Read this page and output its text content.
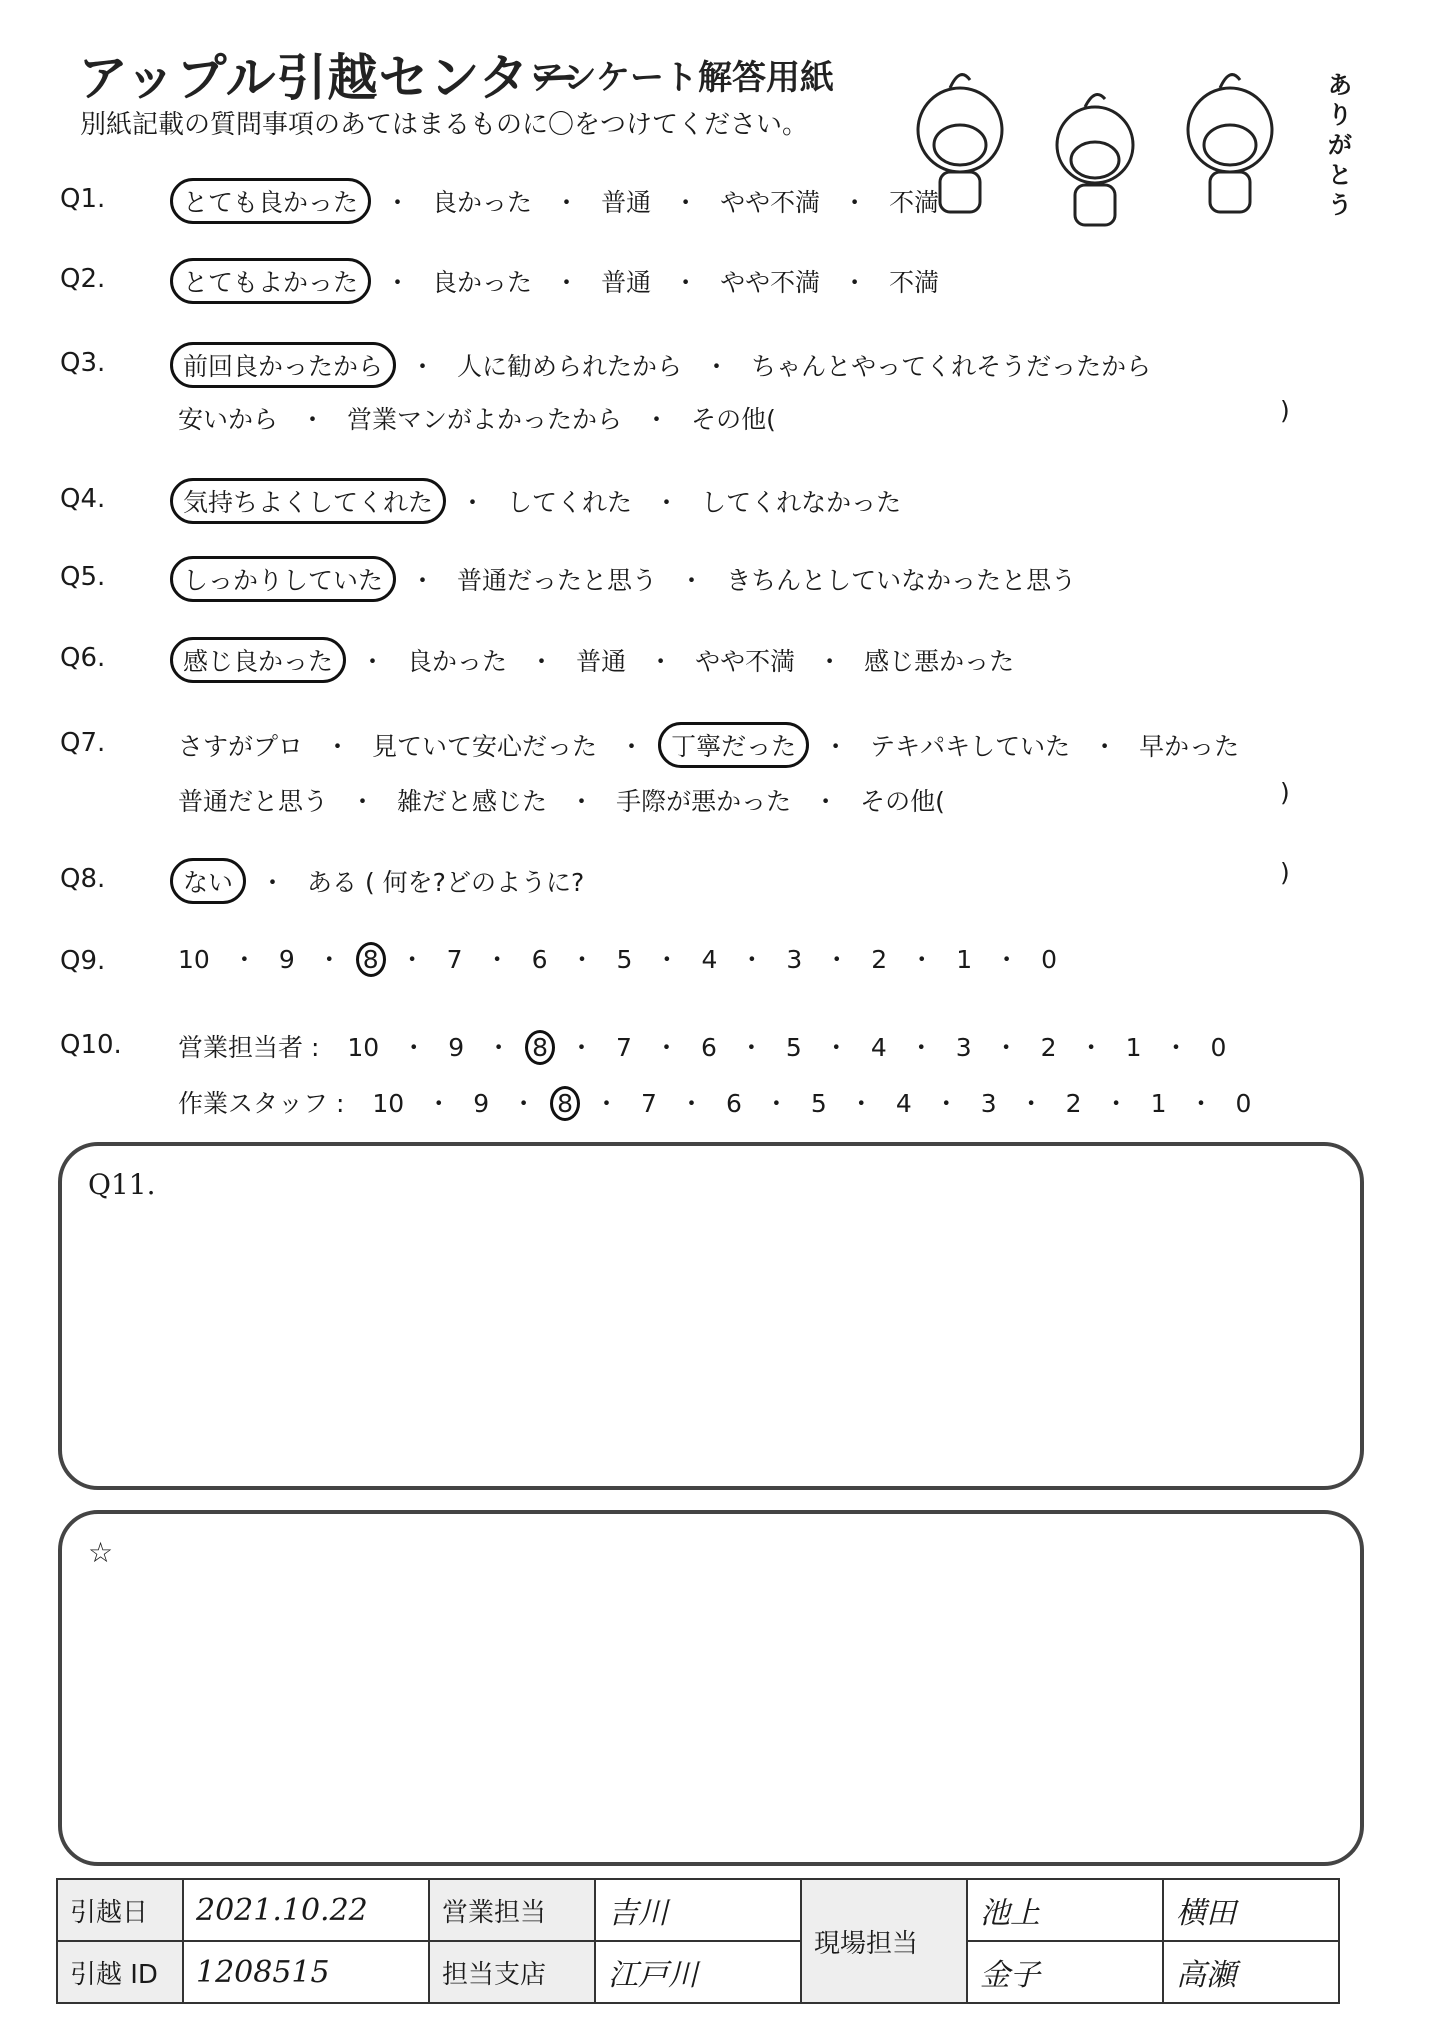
アップル引越センター
アンケート解答用紙
別紙記載の質問事項のあてはまるものに〇をつけてください。
ありがとう
Q1.	とても良かった ・ 良かった ・ 普通 ・ やや不満 ・ 不満
Q2.	とてもよかった ・ 良かった ・ 普通 ・ やや不満 ・ 不満
Q3.	前回良かったから ・ 人に勧められたから ・ ちゃんとやってくれそうだったから
安いから ・ 営業マンがよかったから ・ その他(	)
Q4.	気持ちよくしてくれた ・ してくれた ・ してくれなかった
Q5.	しっかりしていた ・ 普通だったと思う ・ きちんとしていなかったと思う
Q6.	感じ良かった ・ 良かった ・ 普通 ・ やや不満 ・ 感じ悪かった
Q7.	さすがプロ ・ 見ていて安心だった ・ 丁寧だった ・ テキパキしていた ・ 早かった
普通だと思う ・ 雑だと感じた ・ 手際が悪かった ・ その他(	)
Q8.	ない ・ ある ( 何を?どのように?	)
Q9.	10 ・ 9 ・ 8 ・ 7 ・ 6 ・ 5 ・ 4 ・ 3 ・ 2 ・ 1 ・ 0
Q10.	営業担当者 : 10 ・ 9 ・ 8 ・ 7 ・ 6 ・ 5 ・ 4 ・ 3 ・ 2 ・ 1 ・ 0
作業スタッフ : 10 ・ 9 ・ 8 ・ 7 ・ 6 ・ 5 ・ 4 ・ 3 ・ 2 ・ 1 ・ 0
Q11.
☆
引越日	2021.10.22	営業担当	吉川	現場担当	池上	横田
引越 ID	1208515	担当支店	江戸川		金子	高瀬
